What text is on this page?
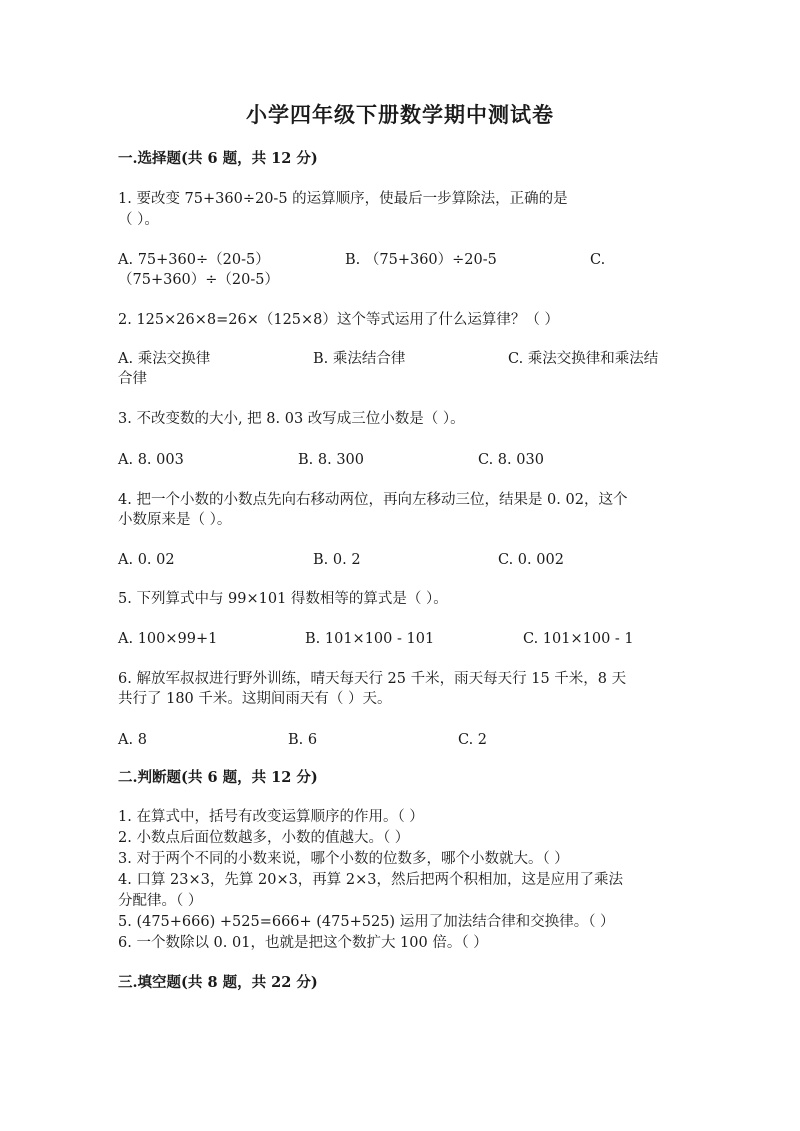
小学四年级下册数学期中测试卷
一.选择题(共 6 题，共 12 分)
1. 要改变 75+360÷20-5 的运算顺序，使最后一步算除法，正确的是
（ ）。
A. 75+360÷（20-5）	B. （75+360）÷20-5	C.
（75+360）÷（20-5）
2. 125×26×8=26×（125×8）这个等式运用了什么运算律？（ ）
A. 乘法交换律	B. 乘法结合律	C. 乘法交换律和乘法结
合律
3. 不改变数的大小, 把 8. 03 改写成三位小数是（ ）。
A. 8. 003	B. 8. 300	C. 8. 030
4. 把一个小数的小数点先向右移动两位，再向左移动三位，结果是 0. 02，这个
小数原来是（ ）。
A. 0. 02	B. 0. 2	C. 0. 002
5. 下列算式中与 99×101 得数相等的算式是（ ）。
A. 100×99+1	B. 101×100 - 101	C. 101×100 - 1
6. 解放军叔叔进行野外训练，晴天每天行 25 千米，雨天每天行 15 千米，8 天
共行了 180 千米。这期间雨天有（ ）天。
A. 8	B. 6	C. 2
二.判断题(共 6 题，共 12 分)
1. 在算式中，括号有改变运算顺序的作用。（ ）
2. 小数点后面位数越多，小数的值越大。（ ）
3. 对于两个不同的小数来说，哪个小数的位数多，哪个小数就大。（ ）
4. 口算 23×3，先算 20×3，再算 2×3，然后把两个积相加，这是应用了乘法
分配律。（ ）
5. (475+666) +525=666+ (475+525) 运用了加法结合律和交换律。（ ）
6. 一个数除以 0. 01，也就是把这个数扩大 100 倍。（ ）
三.填空题(共 8 题，共 22 分)
